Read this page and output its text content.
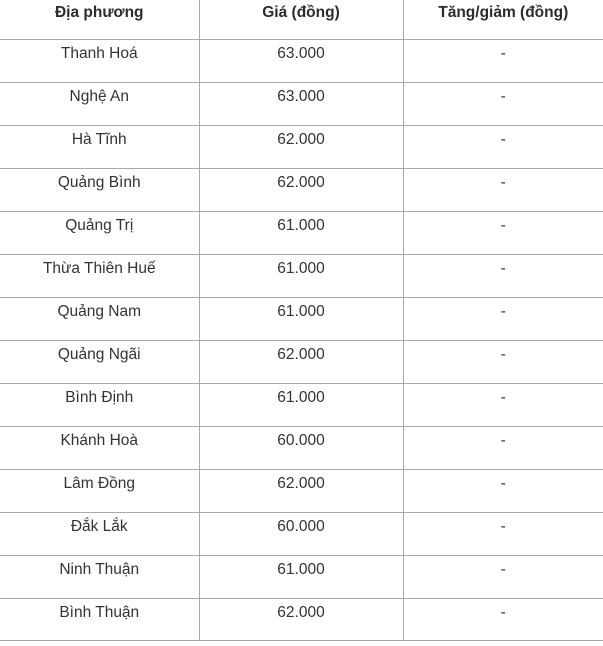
Địa phương	Giá (đồng)	Tăng/giảm (đồng)
Thanh Hoá	63.000	-
Nghệ An	63.000	-
Hà Tĩnh	62.000	-
Quảng Bình	62.000	-
Quảng Trị	61.000	-
Thừa Thiên Huế	61.000	-
Quảng Nam	61.000	-
Quảng Ngãi	62.000	-
Bình Định	61.000	-
Khánh Hoà	60.000	-
Lâm Đồng	62.000	-
Đắk Lắk	60.000	-
Ninh Thuận	61.000	-
Bình Thuận	62.000	-
